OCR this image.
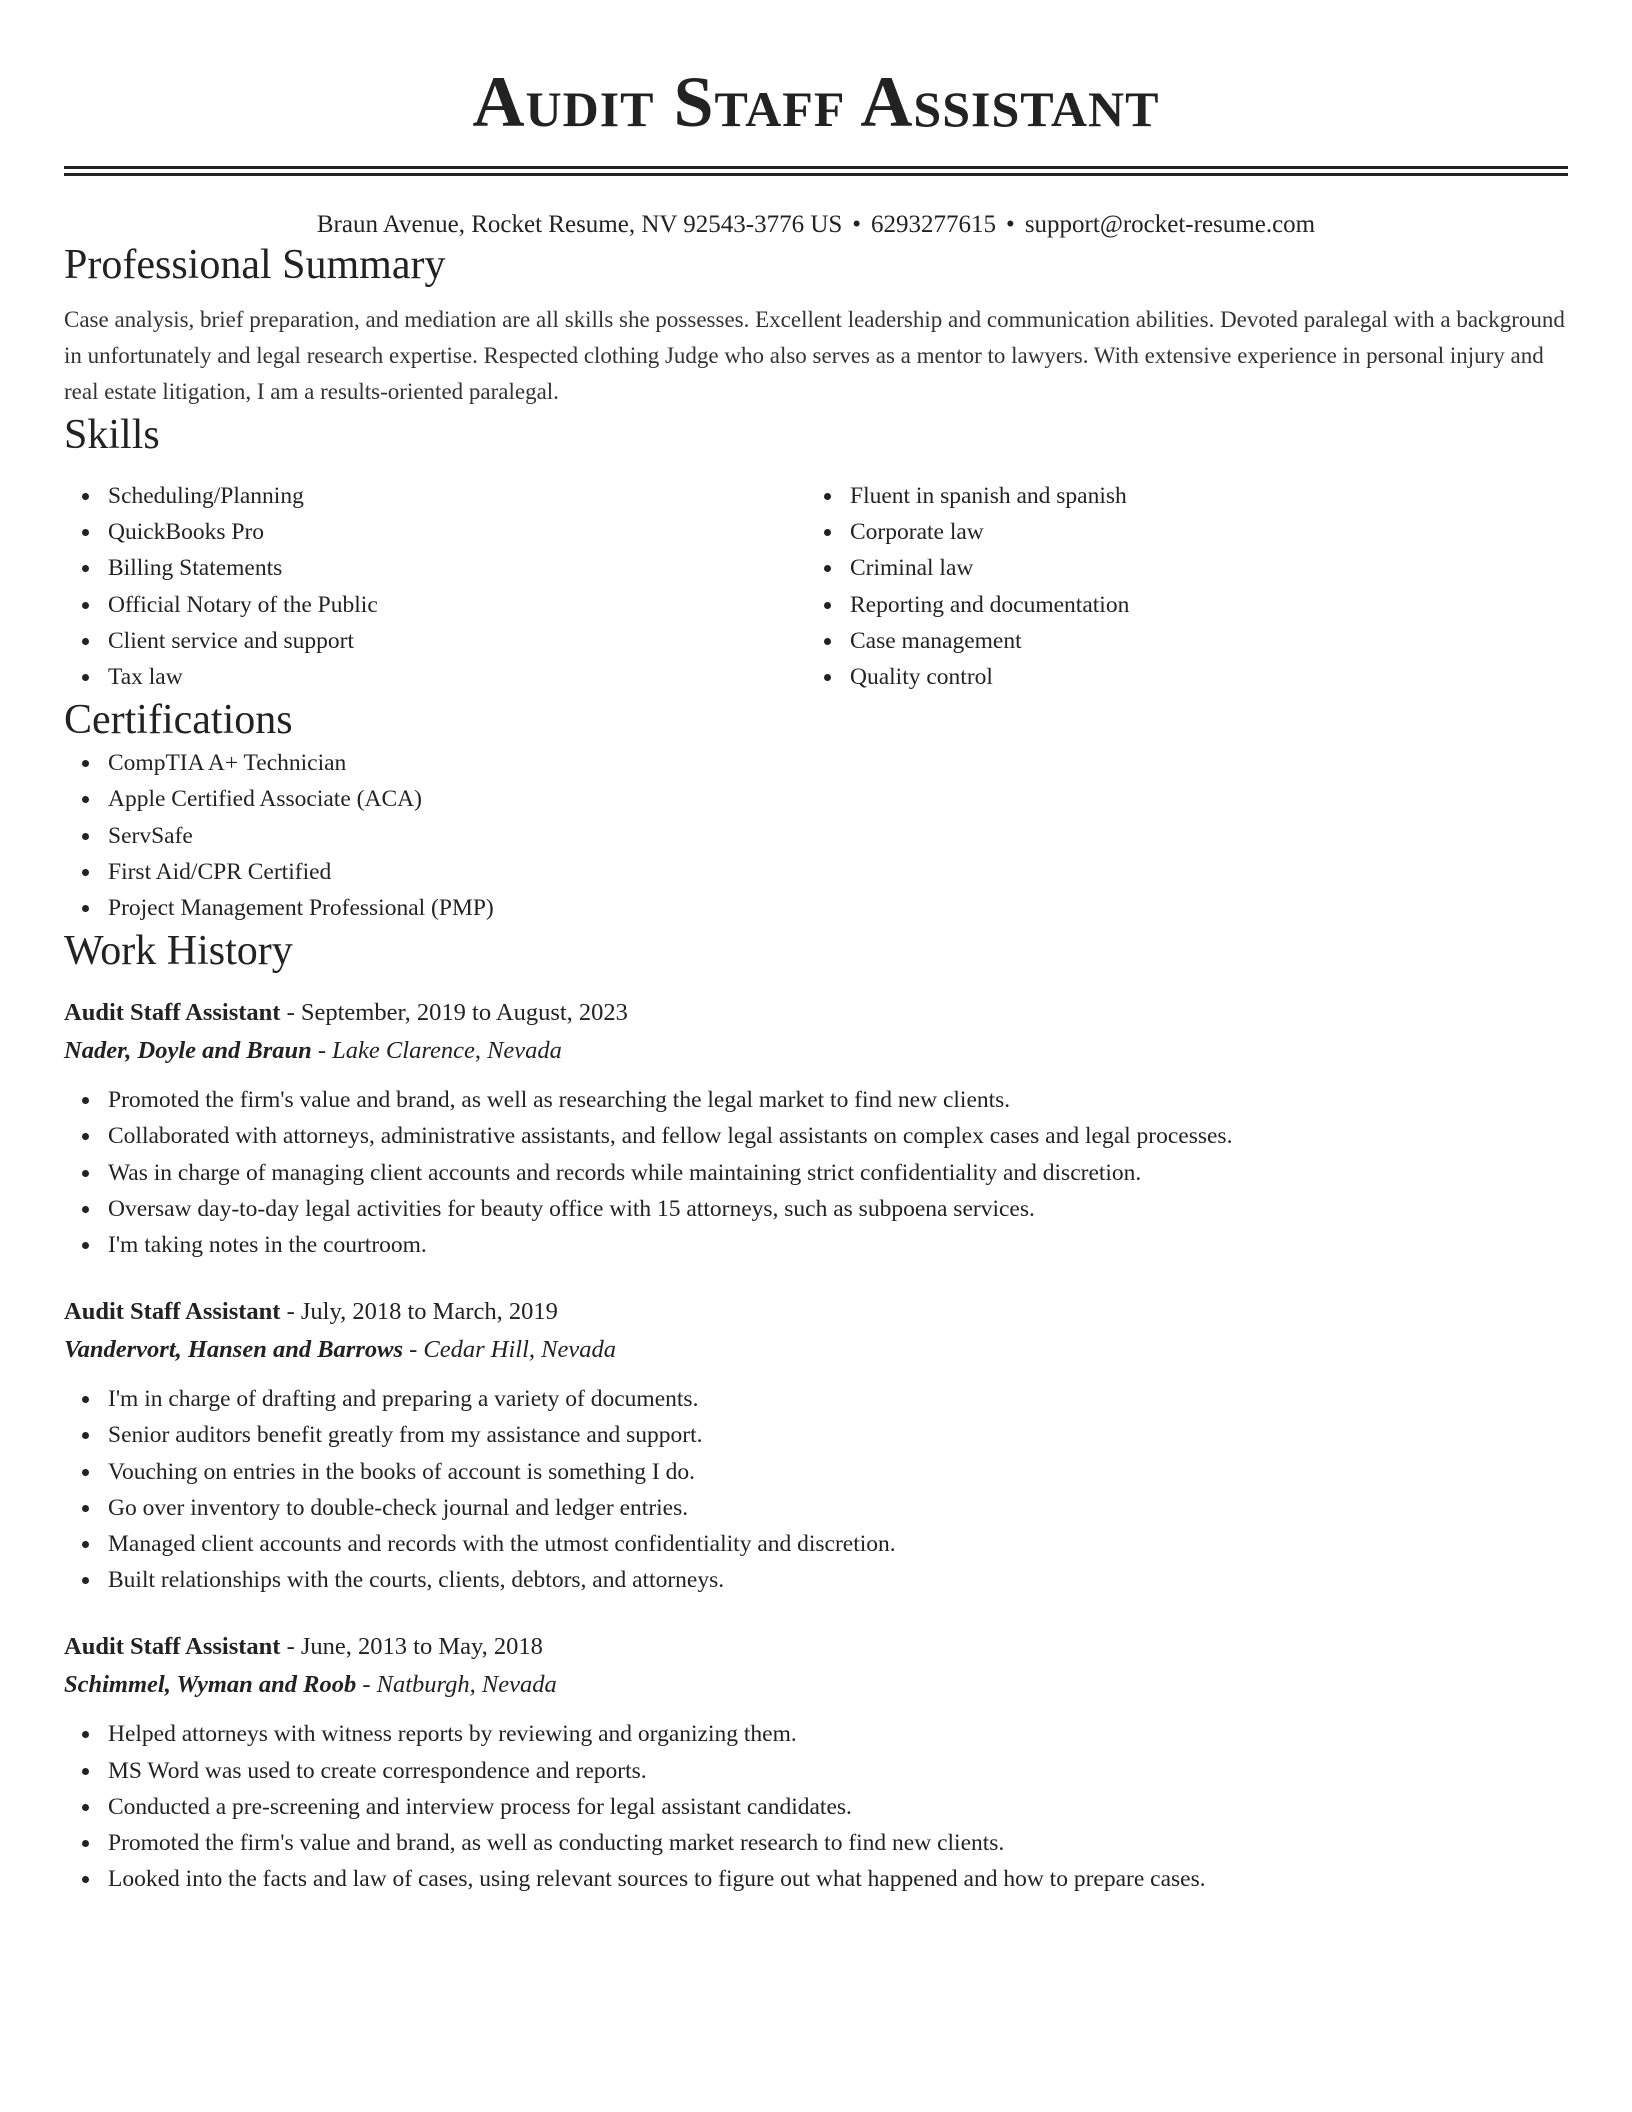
Audit Staff Assistant
Braun Avenue, Rocket Resume, NV 92543-3776 US • 6293277615 • support@rocket-resume.com
Professional Summary

Case analysis, brief preparation, and mediation are all skills she possesses. Excellent leadership and communication abilities. Devoted paralegal with a background in unfortunately and legal research expertise. Respected clothing Judge who also serves as a mentor to lawyers. With extensive experience in personal injury and real estate litigation, I am a results-oriented paralegal.

Skills
Scheduling/Planning
QuickBooks Pro
Billing Statements
Official Notary of the Public
Client service and support
Tax law
Fluent in spanish and spanish
Corporate law
Criminal law
Reporting and documentation
Case management
Quality control
Certifications
CompTIA A+ Technician
Apple Certified Associate (ACA)
ServSafe
First Aid/CPR Certified
Project Management Professional (PMP)
Work History
Audit Staff Assistant - September, 2019 to August, 2023
Nader, Doyle and Braun - Lake Clarence, Nevada
Promoted the firm's value and brand, as well as researching the legal market to find new clients.
Collaborated with attorneys, administrative assistants, and fellow legal assistants on complex cases and legal processes.
Was in charge of managing client accounts and records while maintaining strict confidentiality and discretion.
Oversaw day-to-day legal activities for beauty office with 15 attorneys, such as subpoena services.
I'm taking notes in the courtroom.
Audit Staff Assistant - July, 2018 to March, 2019
Vandervort, Hansen and Barrows - Cedar Hill, Nevada
I'm in charge of drafting and preparing a variety of documents.
Senior auditors benefit greatly from my assistance and support.
Vouching on entries in the books of account is something I do.
Go over inventory to double-check journal and ledger entries.
Managed client accounts and records with the utmost confidentiality and discretion.
Built relationships with the courts, clients, debtors, and attorneys.
Audit Staff Assistant - June, 2013 to May, 2018
Schimmel, Wyman and Roob - Natburgh, Nevada
Helped attorneys with witness reports by reviewing and organizing them.
MS Word was used to create correspondence and reports.
Conducted a pre-screening and interview process for legal assistant candidates.
Promoted the firm's value and brand, as well as conducting market research to find new clients.
Looked into the facts and law of cases, using relevant sources to figure out what happened and how to prepare cases.
